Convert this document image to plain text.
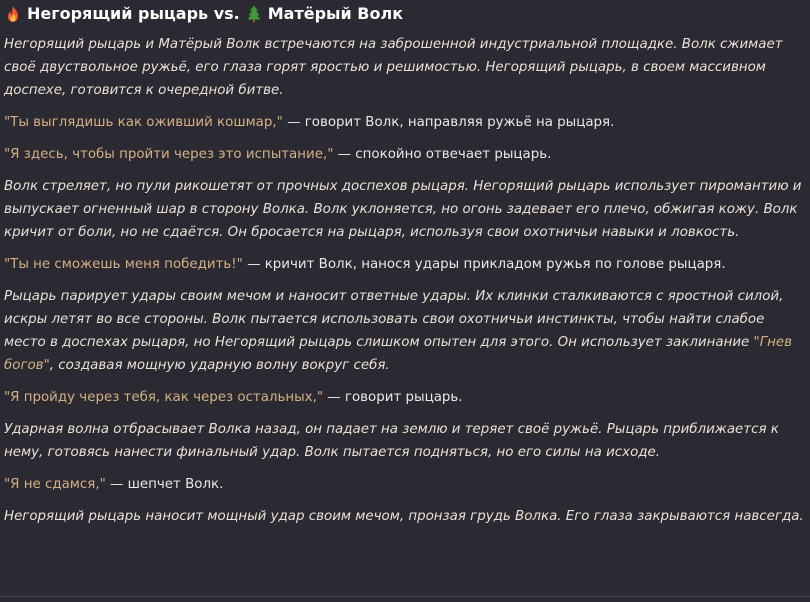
Негорящий рыцарь vs. Матёрый Волк

Негорящий рыцарь и Матёрый Волк встречаются на заброшенной индустриальной площадке. Волк сжимает своё двуствольное ружьё, его глаза горят яростью и решимостью. Негорящий рыцарь, в своем массивном доспехе, готовится к очередной битве.

"Ты выглядишь как оживший кошмар," — говорит Волк, направляя ружьё на рыцаря.

"Я здесь, чтобы пройти через это испытание," — спокойно отвечает рыцарь.

Волк стреляет, но пули рикошетят от прочных доспехов рыцаря. Негорящий рыцарь использует пиромантию и выпускает огненный шар в сторону Волка. Волк уклоняется, но огонь задевает его плечо, обжигая кожу. Волк кричит от боли, но не сдаётся. Он бросается на рыцаря, используя свои охотничьи навыки и ловкость.

"Ты не сможешь меня победить!" — кричит Волк, нанося удары прикладом ружья по голове рыцаря.

Рыцарь парирует удары своим мечом и наносит ответные удары. Их клинки сталкиваются с яростной силой, искры летят во все стороны. Волк пытается использовать свои охотничьи инстинкты, чтобы найти слабое место в доспехах рыцаря, но Негорящий рыцарь слишком опытен для этого. Он использует заклинание "Гнев богов", создавая мощную ударную волну вокруг себя.

"Я пройду через тебя, как через остальных," — говорит рыцарь.

Ударная волна отбрасывает Волка назад, он падает на землю и теряет своё ружьё. Рыцарь приближается к нему, готовясь нанести финальный удар. Волк пытается подняться, но его силы на исходе.

"Я не сдамся," — шепчет Волк.

Негорящий рыцарь наносит мощный удар своим мечом, пронзая грудь Волка. Его глаза закрываются навсегда.
